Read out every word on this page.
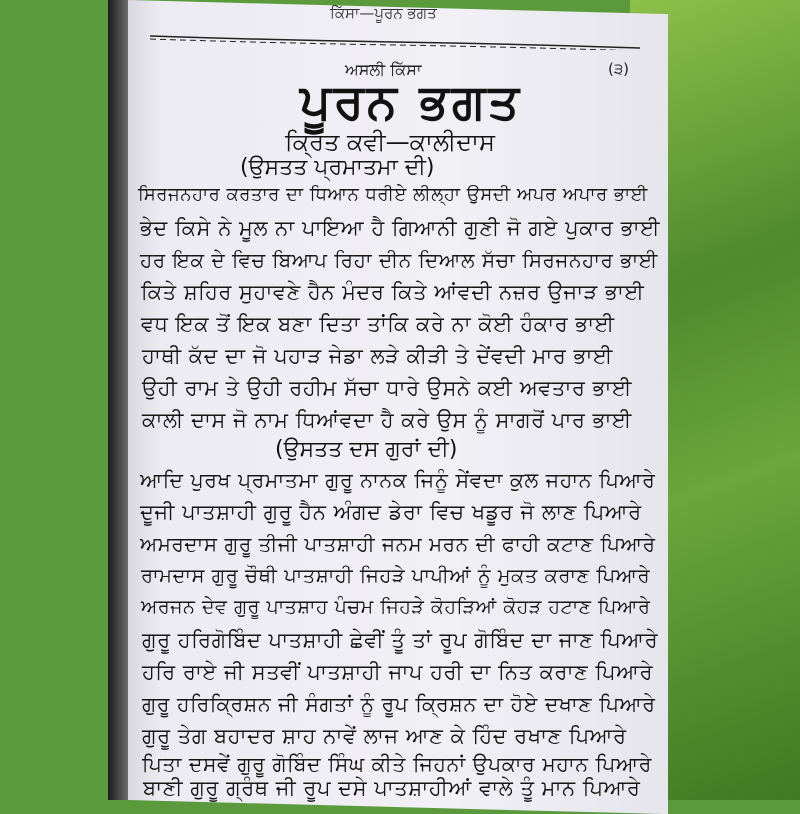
ਕਿੱਸਾ—ਪੂਰਨ ਭਗਤ
ਅਸਲੀ ਕਿੱਸਾ	(੩)
ਪੂਰਨ ਭਗਤ
ਕ੍ਰਿਤ ਕਵੀ—ਕਾਲੀਦਾਸ
(ਉਸਤਤ ਪ੍ਰਮਾਤਮਾ ਦੀ)
ਸਿਰਜਨਹਾਰ ਕਰਤਾਰ ਦਾ ਧਿਆਨ ਧਰੀਏ ਲੀਲ੍ਹਾ ਉਸਦੀ ਅਪਰ ਅਪਾਰ ਭਾਈ
ਭੇਦ ਕਿਸੇ ਨੇ ਮੂਲ ਨਾ ਪਾਇਆ ਹੈ ਗਿਆਨੀ ਗੁਣੀ ਜੋ ਗਏ ਪੁਕਾਰ ਭਾਈ
ਹਰ ਇਕ ਦੇ ਵਿਚ ਬਿਆਪ ਰਿਹਾ ਦੀਨ ਦਿਆਲ ਸੱਚਾ ਸਿਰਜਨਹਾਰ ਭਾਈ
ਕਿਤੇ ਸ਼ਹਿਰ ਸੁਹਾਵਣੇ ਹੈਨ ਮੰਦਰ ਕਿਤੇ ਆਂਵਦੀ ਨਜ਼ਰ ਉਜਾੜ ਭਾਈ
ਵਧ ਇਕ ਤੋਂ ਇਕ ਬਣਾ ਦਿਤਾ ਤਾਂਕਿ ਕਰੇ ਨਾ ਕੋਈ ਹੰਕਾਰ ਭਾਈ
ਹਾਥੀ ਕੱਦ ਦਾ ਜੋ ਪਹਾੜ ਜੇਡਾ ਲੜੇ ਕੀੜੀ ਤੇ ਦੇਂਵਦੀ ਮਾਰ ਭਾਈ
ਉਹੀ ਰਾਮ ਤੇ ਉਹੀ ਰਹੀਮ ਸੱਚਾ ਧਾਰੇ ਉਸਨੇ ਕਈ ਅਵਤਾਰ ਭਾਈ
ਕਾਲੀ ਦਾਸ ਜੋ ਨਾਮ ਧਿਆਂਵਦਾ ਹੈ ਕਰੇ ਉਸ ਨੂੰ ਸਾਗਰੋਂ ਪਾਰ ਭਾਈ
(ਉਸਤਤ ਦਸ ਗੁਰਾਂ ਦੀ)
ਆਦਿ ਪੁਰਖ ਪ੍ਰਮਾਤਮਾ ਗੁਰੂ ਨਾਨਕ ਜਿਨੂੰ ਸੇਂਵਦਾ ਕੁਲ ਜਹਾਨ ਪਿਆਰੇ
ਦੂਜੀ ਪਾਤਸ਼ਾਹੀ ਗੁਰੂ ਹੈਨ ਅੰਗਦ ਡੇਰਾ ਵਿਚ ਖਡੂਰ ਜੋ ਲਾਣ ਪਿਆਰੇ
ਅਮਰਦਾਸ ਗੁਰੂ ਤੀਜੀ ਪਾਤਸ਼ਾਹੀ ਜਨਮ ਮਰਨ ਦੀ ਫਾਹੀ ਕਟਾਣ ਪਿਆਰੇ
ਰਾਮਦਾਸ ਗੁਰੂ ਚੌਥੀ ਪਾਤਸ਼ਾਹੀ ਜਿਹੜੇ ਪਾਪੀਆਂ ਨੂੰ ਮੁਕਤ ਕਰਾਣ ਪਿਆਰੇ
ਅਰਜਨ ਦੇਵ ਗੁਰੂ ਪਾਤਸ਼ਾਹ ਪੰਚਮ ਜਿਹੜੇ ਕੋਹੜਿਆਂ ਕੋਹੜ ਹਟਾਣ ਪਿਆਰੇ
ਗੁਰੂ ਹਰਿਗੋਬਿੰਦ ਪਾਤਸ਼ਾਹੀ ਛੇਵੀਂ ਤੂੰ ਤਾਂ ਰੂਪ ਗੋਬਿੰਦ ਦਾ ਜਾਣ ਪਿਆਰੇ
ਹਰਿ ਰਾਏ ਜੀ ਸਤਵੀਂ ਪਾਤਸ਼ਾਹੀ ਜਾਪ ਹਰੀ ਦਾ ਨਿਤ ਕਰਾਣ ਪਿਆਰੇ
ਗੁਰੂ ਹਰਿਕ੍ਰਿਸ਼ਨ ਜੀ ਸੰਗਤਾਂ ਨੂੰ ਰੂਪ ਕ੍ਰਿਸ਼ਨ ਦਾ ਹੋਏ ਦਖਾਣ ਪਿਆਰੇ
ਗੁਰੂ ਤੇਗ ਬਹਾਦਰ ਸ਼ਾਹ ਨਾਵੇਂ ਲਾਜ ਆਣ ਕੇ ਹਿੰਦ ਰਖਾਣ ਪਿਆਰੇ
ਪਿਤਾ ਦਸਵੇਂ ਗੁਰੂ ਗੋਬਿੰਦ ਸਿੰਘ ਕੀਤੇ ਜਿਹਨਾਂ ਉਪਕਾਰ ਮਹਾਨ ਪਿਆਰੇ
ਬਾਣੀ ਗੁਰੂ ਗ੍ਰੰਥ ਜੀ ਰੂਪ ਦਸੇ ਪਾਤਸ਼ਾਹੀਆਂ ਵਾਲੇ ਤੂੰ ਮਾਨ ਪਿਆਰੇ
